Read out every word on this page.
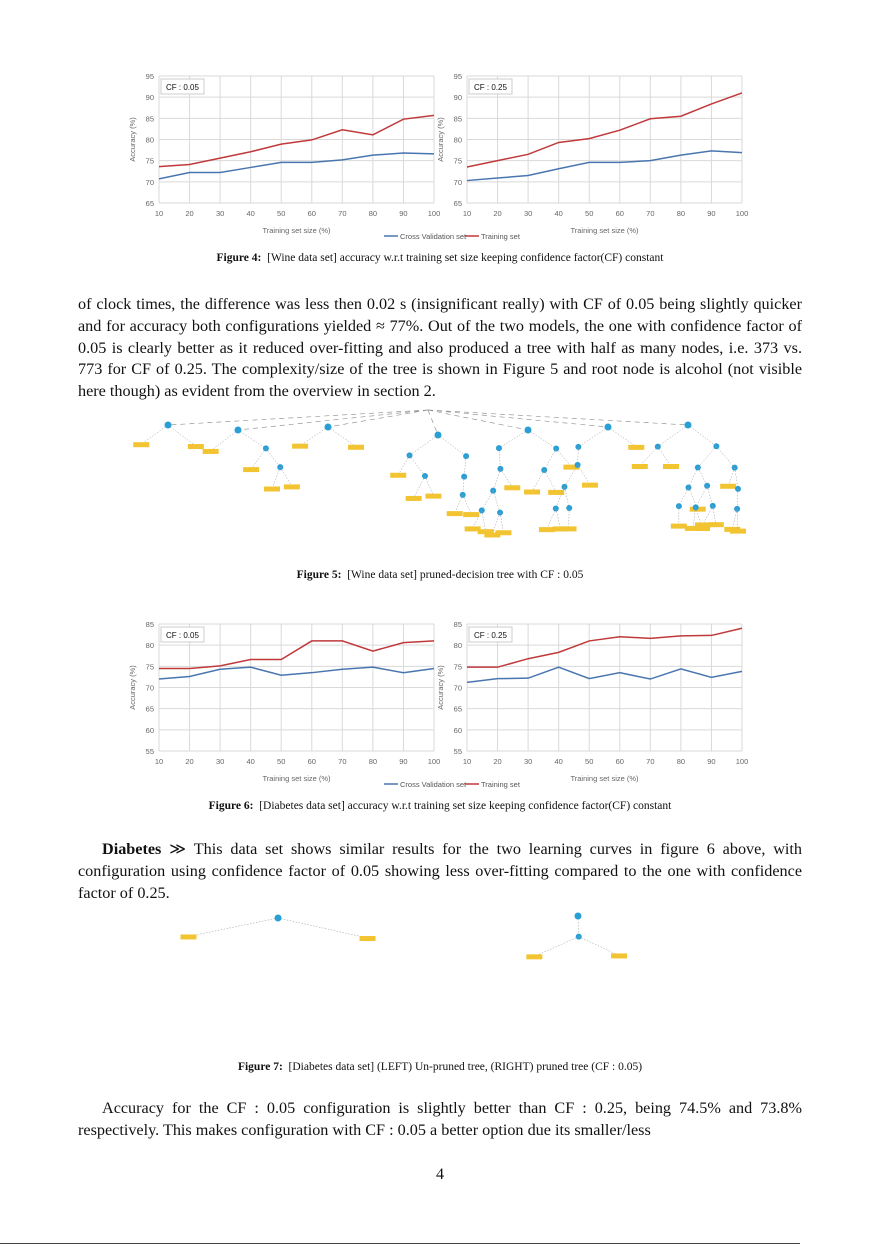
65
70
75
80
85
90
95
10	20	30	40	50	60	70	80	90	100
Training set size (%)
Accuracy (%)
CF : 0.05
Cross Validation set
65
70
75
80
85
90
95
10	20	30	40	50	60	70	80	90	100
Training set size (%)
Accuracy (%)
CF : 0.25
Training set
Figure 4: [Wine data set] accuracy w.r.t training set size keeping confidence factor(CF) constant
of clock times, the difference was less then 0.02 s (insignificant really) with CF of 0.05 being slightly quicker and for accuracy both configurations yielded ≈ 77%. Out of the two models, the one with confidence factor of 0.05 is clearly better as it reduced over-fitting and also produced a tree with half as many nodes, i.e. 373 vs. 773 for CF of 0.25. The complexity/size of the tree is shown in Figure 5 and root node is alcohol (not visible here though) as evident from the overview in section 2.
Figure 5: [Wine data set] pruned-decision tree with CF : 0.05
55
60
65
70
75
80
85
10	20	30	40	50	60	70	80	90	100
Training set size (%)
Accuracy (%)
CF : 0.05
Cross Validation set
55
60
65
70
75
80
85
10	20	30	40	50	60	70	80	90	100
Training set size (%)
Accuracy (%)
CF : 0.25
Training set
Figure 6: [Diabetes data set] accuracy w.r.t training set size keeping confidence factor(CF) constant
Diabetes ≫ This data set shows similar results for the two learning curves in figure 6 above, with configuration using confidence factor of 0.05 showing less over-fitting compared to the one with confidence factor of 0.25.
Figure 7: [Diabetes data set] (LEFT) Un-pruned tree, (RIGHT) pruned tree (CF : 0.05)
Accuracy for the CF : 0.05 configuration is slightly better than CF : 0.25, being 74.5% and 73.8% respectively. This makes configuration with CF : 0.05 a better option due its smaller/less
4
